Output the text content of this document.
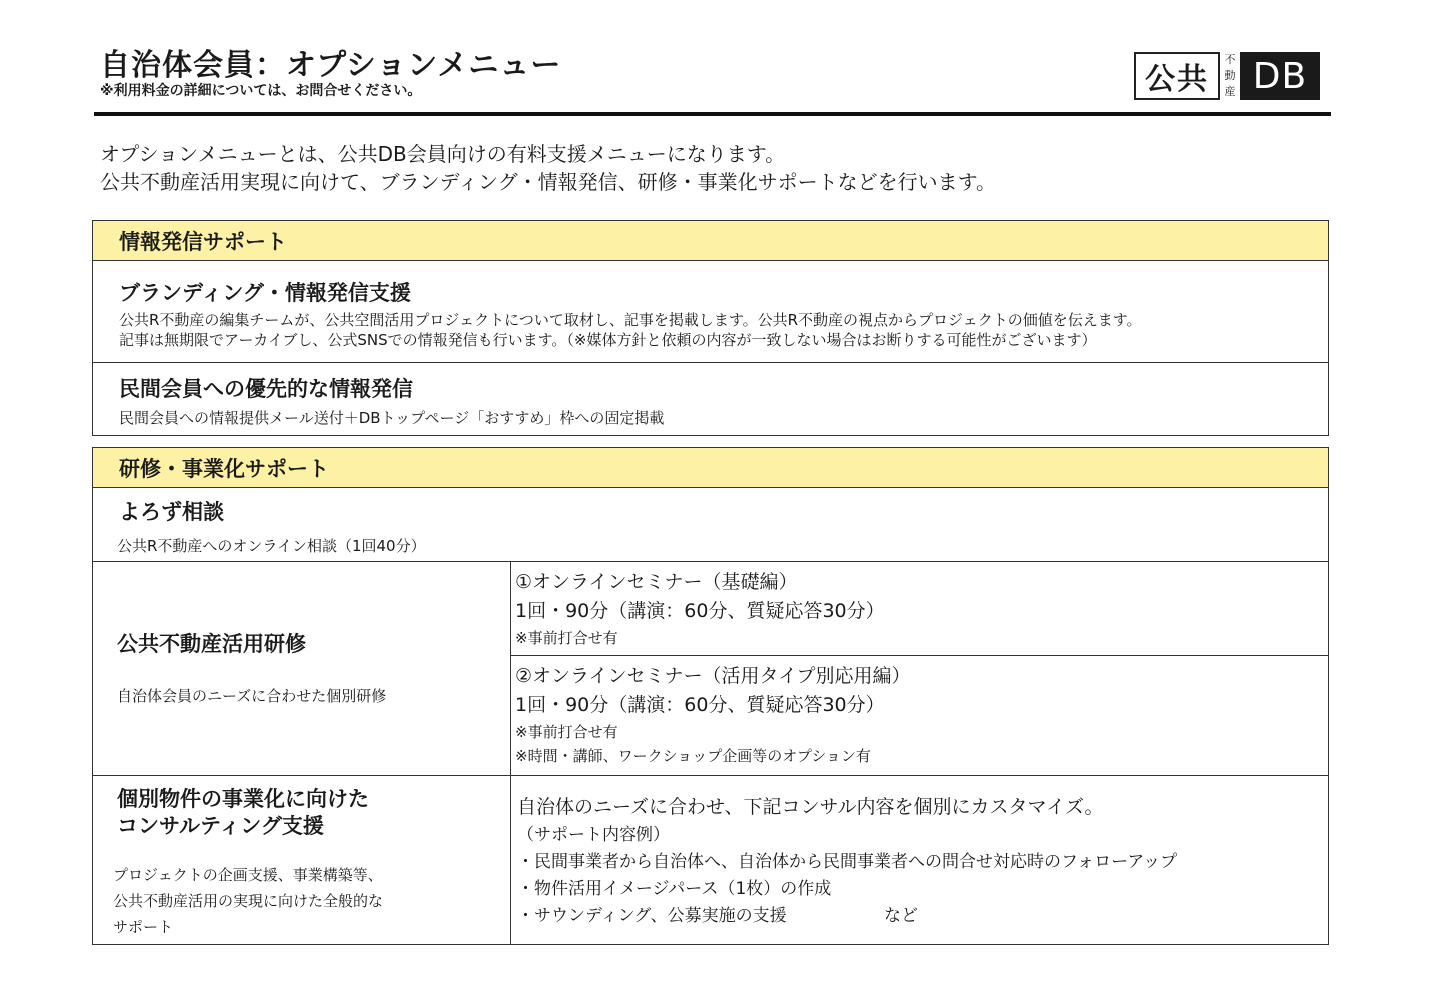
自治体会員：オプションメニュー
※利用料金の詳細については、お問合せください。	公共
不
動
産 DB
オプションメニューとは、公共DB会員向けの有料支援メニューになります。
公共不動産活用実現に向けて、ブランディング・情報発信、研修・事業化サポートなどを行います。
情報発信サポート
ブランディング・情報発信支援
公共R不動産の編集チームが、公共空間活用プロジェクトについて取材し、記事を掲載します。公共R不動産の視点からプロジェクトの価値を伝えます。
記事は無期限でアーカイブし、公式SNSでの情報発信も行います。（※媒体方針と依頼の内容が一致しない場合はお断りする可能性がございます）
民間会員への優先的な情報発信
民間会員への情報提供メール送付＋DBトップページ「おすすめ」枠への固定掲載
研修・事業化サポート
よろず相談
公共R不動産へのオンライン相談（1回40分）
公共不動産活用研修
自治体会員のニーズに合わせた個別研修
①オンラインセミナー（基礎編）
1回・90分（講演：60分、質疑応答30分）
※事前打合せ有
②オンラインセミナー（活用タイプ別応用編）
1回・90分（講演：60分、質疑応答30分）
※事前打合せ有
※時間・講師、ワークショップ企画等のオプション有
個別物件の事業化に向けた
コンサルティング支援
プロジェクトの企画支援、事業構築等、
公共不動産活用の実現に向けた全般的な
サポート
自治体のニーズに合わせ、下記コンサル内容を個別にカスタマイズ。
（サポート内容例）
・民間事業者から自治体へ、自治体から民間事業者への問合せ対応時のフォローアップ
・物件活用イメージパース（1枚）の作成
・サウンディング、公募実施の支援	など
